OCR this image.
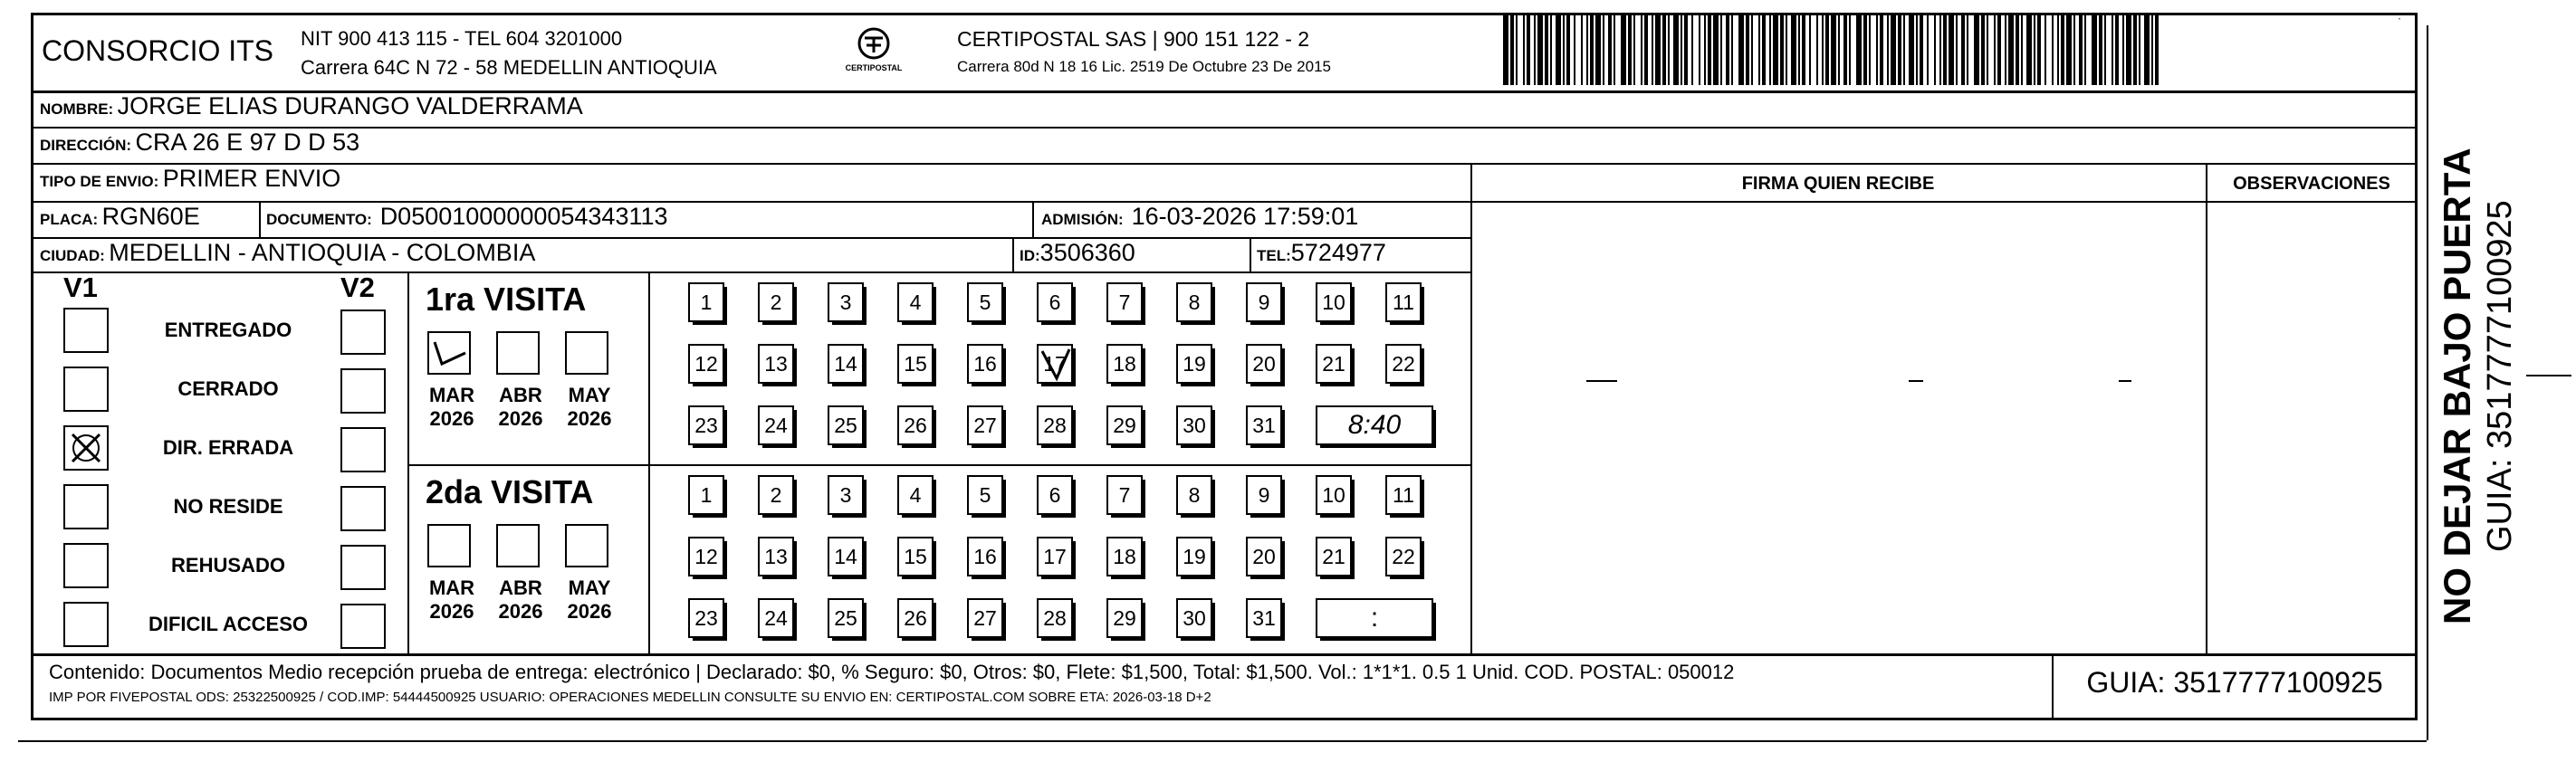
CONSORCIO ITS NIT 900 413 115 - TEL 604 3201000
Carrera 64C N 72 - 58 MEDELLIN ANTIOQUIA	CERTIPOSTAL
CERTIPOSTAL SAS | 900 151 122 - 2
Carrera 80d N 18 16 Lic. 2519 De Octubre 23 De 2015
NOMBRE: JORGE ELIAS DURANGO VALDERRAMA
DIRECCIÓN: CRA 26 E 97 D D 53
TIPO DE ENVIO: PRIMER ENVIO
PLACA: RGN60E	DOCUMENTO: D05001000000054343113	ADMISIÓN: 16-03-2026 17:59:01
CIUDAD: MEDELLIN - ANTIOQUIA - COLOMBIA	ID:3506360	TEL:5724977
FIRMA QUIEN RECIBE	OBSERVACIONES
V1	V2
ENTREGADO
CERRADO
DIR. ERRADA
NO RESIDE
REHUSADO
DIFICIL ACCESO
1ra VISITA
MAR
2026
ABR
2026
MAY
2026
1	2	3	4	5	6	7	8	9	10	11
12	13	14	15	16	17	18	19	20	21	22
23	24	25	26	27	28	29	30	31	8:40
2da VISITA
MAR
2026
ABR
2026
MAY
2026
1	2	3	4	5	6	7	8	9	10	11
12	13	14	15	16	17	18	19	20	21	22
23	24	25	26	27	28	29	30	31	:
Contenido: Documentos Medio recepción prueba de entrega: electrónico | Declarado: $0, % Seguro: $0, Otros: $0, Flete: $1,500, Total: $1,500. Vol.: 1*1*1. 0.5 1 Unid. COD. POSTAL: 050012
IMP POR FIVEPOSTAL ODS: 25322500925 / COD.IMP: 54444500925 USUARIO: OPERACIONES MEDELLIN CONSULTE SU ENVIO EN: CERTIPOSTAL.COM SOBRE ETA: 2026-03-18 D+2	GUIA: 3517777100925
NO DEJAR BAJO PUERTA GUIA: 3517777100925
